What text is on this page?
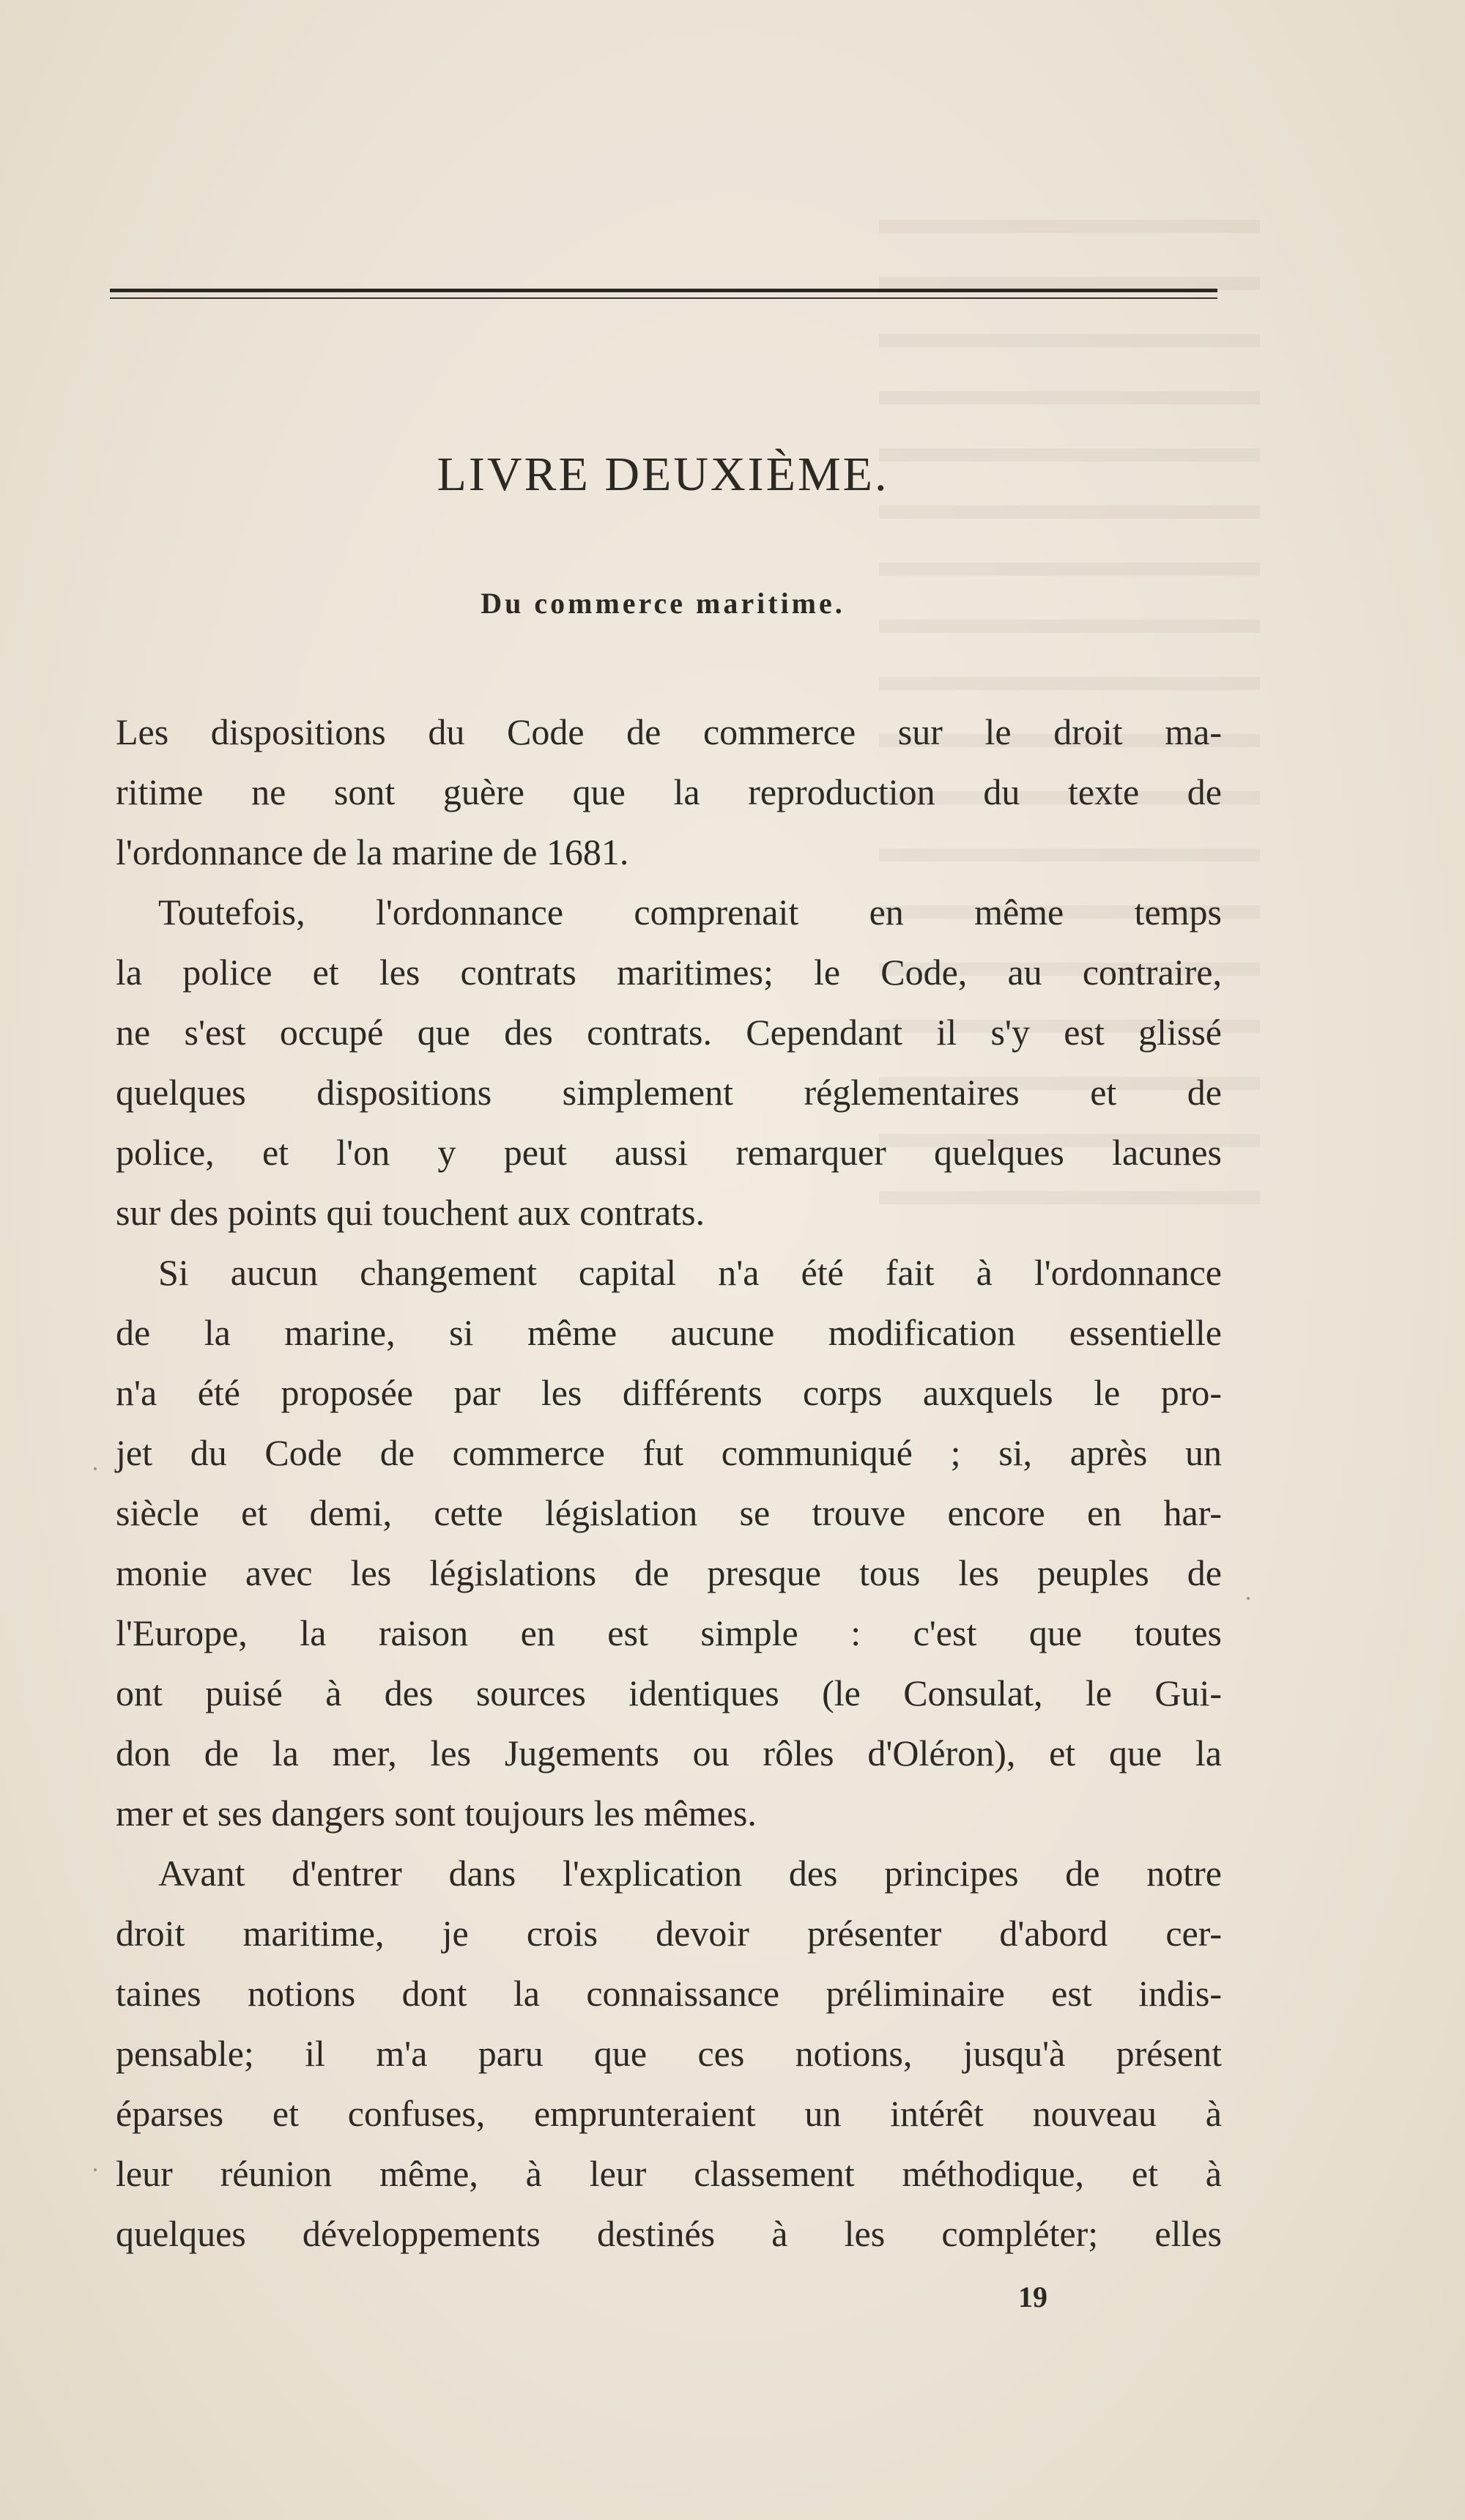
LIVRE DEUXIÈME.
Du commerce maritime.
Les dispositions du Code de commerce sur le droit ma-
ritime ne sont guère que la reproduction du texte de
l'ordonnance de la marine de 1681.
Toutefois, l'ordonnance comprenait en même temps
la police et les contrats maritimes; le Code, au contraire,
ne s'est occupé que des contrats. Cependant il s'y est glissé
quelques dispositions simplement réglementaires et de
police, et l'on y peut aussi remarquer quelques lacunes
sur des points qui touchent aux contrats.
Si aucun changement capital n'a été fait à l'ordonnance
de la marine, si même aucune modification essentielle
n'a été proposée par les différents corps auxquels le pro-
jet du Code de commerce fut communiqué ; si, après un
siècle et demi, cette législation se trouve encore en har-
monie avec les législations de presque tous les peuples de
l'Europe, la raison en est simple : c'est que toutes
ont puisé à des sources identiques (le Consulat, le Gui-
don de la mer, les Jugements ou rôles d'Oléron), et que la
mer et ses dangers sont toujours les mêmes.
Avant d'entrer dans l'explication des principes de notre
droit maritime, je crois devoir présenter d'abord cer-
taines notions dont la connaissance préliminaire est indis-
pensable; il m'a paru que ces notions, jusqu'à présent
éparses et confuses, emprunteraient un intérêt nouveau à
leur réunion même, à leur classement méthodique, et à
quelques développements destinés à les compléter; elles
19
